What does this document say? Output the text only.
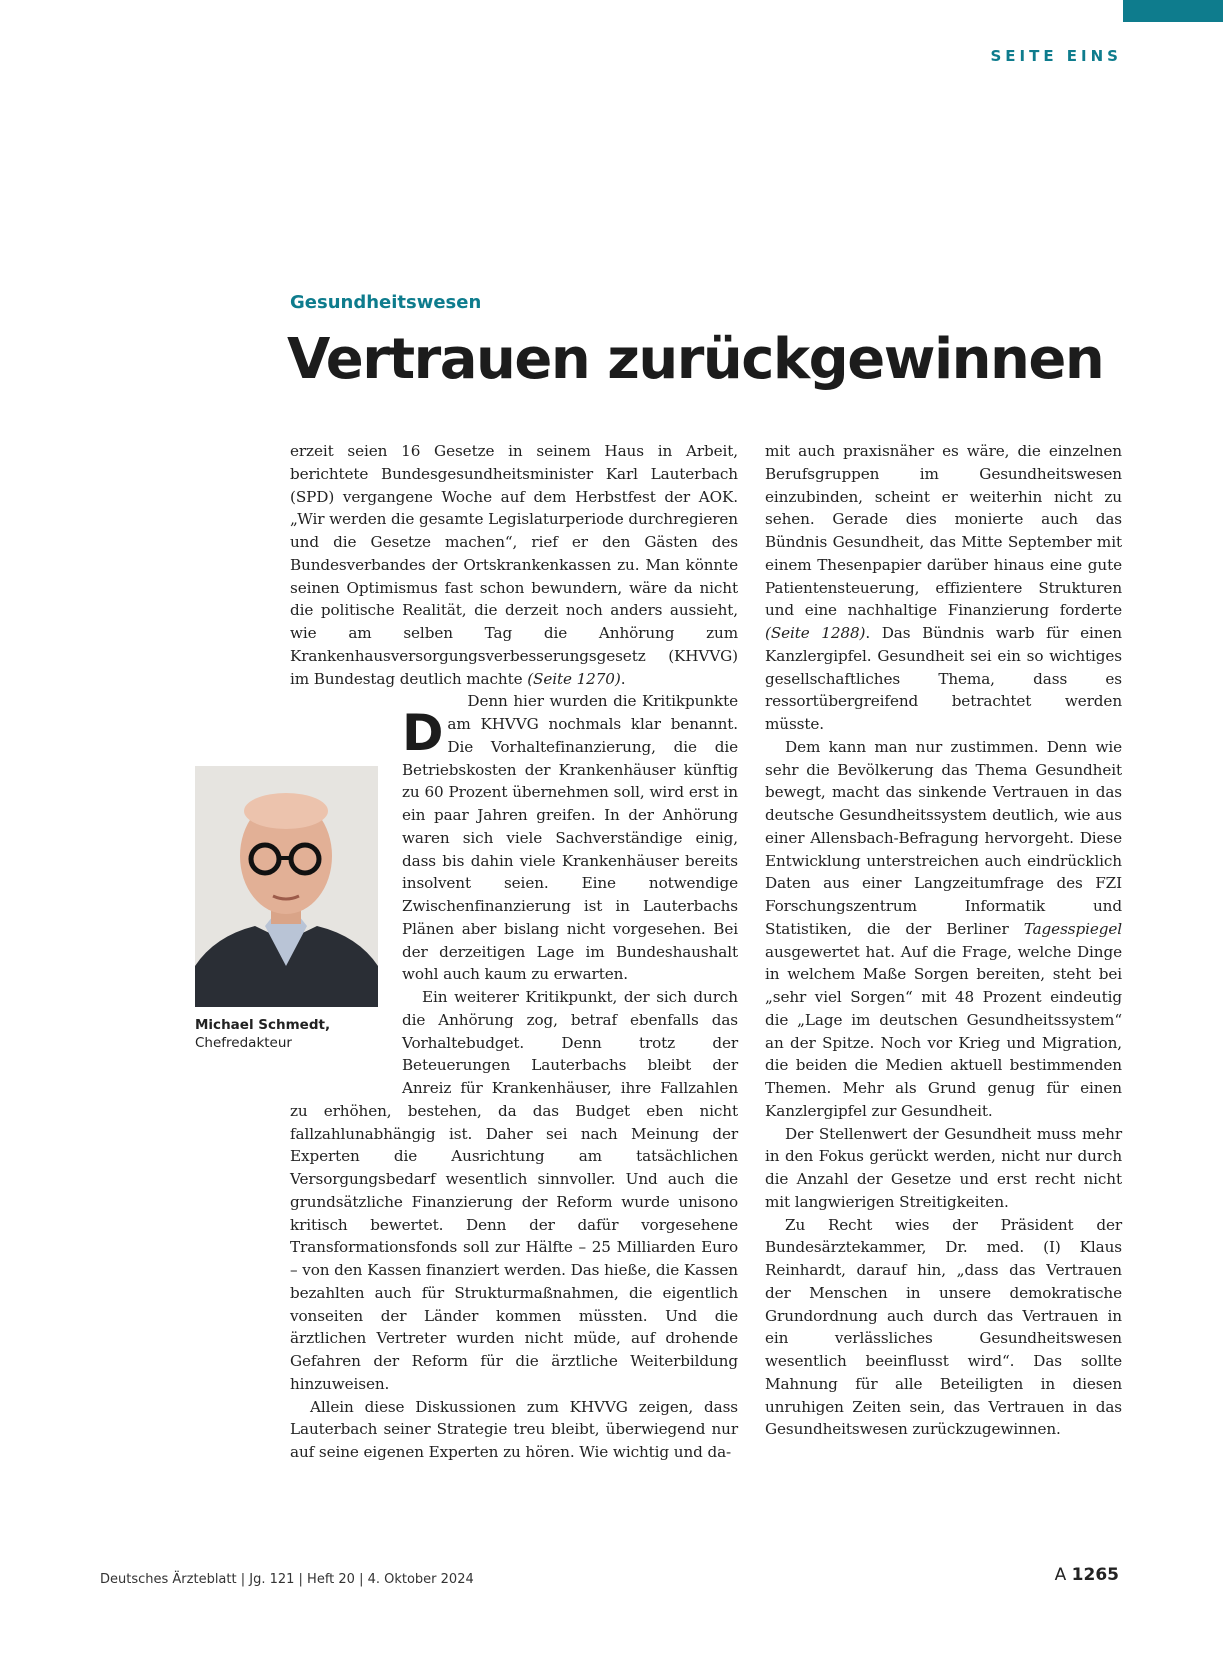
SEITE EINS
Gesundheitswesen
Vertrauen zurückgewinnen

D
erzeit seien 16 Gesetze in seinem Haus in Arbeit, berichtete Bundesgesundheitsminister Karl Lauterbach (SPD) vergangene Woche auf dem Herbstfest der AOK. „Wir werden die gesamte Legislaturperiode durchregieren und die Gesetze machen“, rief er den Gästen des Bundesverbandes der Ortskrankenkassen zu. Man könnte seinen Optimismus fast schon bewundern, wäre da nicht die politische Realität, die derzeit noch anders aussieht, wie am selben Tag die Anhörung zum Krankenhausversorgungsverbesserungsgesetz (KHVVG) im Bundestag deutlich machte (Seite 1270).

Denn hier wurden die Kritikpunkte am KHVVG nochmals klar benannt. Die Vorhaltefinanzierung, die die Betriebskosten der Krankenhäuser künftig zu 60 Prozent übernehmen soll, wird erst in ein paar Jahren greifen. In der Anhörung waren sich viele Sachverständige einig, dass bis dahin viele Krankenhäuser bereits insolvent seien. Eine notwendige Zwischenfinanzierung ist in Lauterbachs Plänen aber bislang nicht vorgesehen. Bei der derzeitigen Lage im Bundeshaushalt wohl auch kaum zu erwarten.

Ein weiterer Kritikpunkt, der sich durch die Anhörung zog, betraf ebenfalls das Vorhaltebudget. Denn trotz der Beteuerungen Lauterbachs bleibt der Anreiz für Krankenhäuser, ihre Fallzahlen zu erhöhen, bestehen, da das Budget eben nicht fallzahlunabhängig ist. Daher sei nach Meinung der Experten die Ausrichtung am tatsächlichen Versorgungsbedarf wesentlich sinnvoller. Und auch die grundsätzliche Finanzierung der Reform wurde unisono kritisch bewertet. Denn der dafür vorgesehene Transformationsfonds soll zur Hälfte – 25 Milliarden Euro – von den Kassen finanziert werden. Das hieße, die Kassen bezahlten auch für Strukturmaßnahmen, die eigentlich vonseiten der Länder kommen müssten. Und die ärztlichen Vertreter wurden nicht müde, auf drohende Gefahren der Reform für die ärztliche Weiterbildung hinzuweisen.

Allein diese Diskussionen zum KHVVG zeigen, dass Lauterbach seiner Strategie treu bleibt, überwiegend nur auf seine eigenen Experten zu hören. Wie wichtig und da-

mit auch praxisnäher es wäre, die einzelnen Berufsgruppen im Gesundheitswesen einzubinden, scheint er weiterhin nicht zu sehen. Gerade dies monierte auch das Bündnis Gesundheit, das Mitte September mit einem Thesenpapier darüber hinaus eine gute Patientensteuerung, effizientere Strukturen und eine nachhaltige Finanzierung forderte (Seite 1288). Das Bündnis warb für einen Kanzlergipfel. Gesundheit sei ein so wichtiges gesellschaftliches Thema, dass es ressortübergreifend betrachtet werden müsste.

Dem kann man nur zustimmen. Denn wie sehr die Bevölkerung das Thema Gesundheit bewegt, macht das sinkende Vertrauen in das deutsche Gesundheitssystem deutlich, wie aus einer Allensbach-Befragung hervorgeht. Diese Entwicklung unterstreichen auch eindrücklich Daten aus einer Langzeitumfrage des FZI Forschungszentrum Informatik und Statistiken, die der Berliner Tagesspiegel ausgewertet hat. Auf die Frage, welche Dinge in welchem Maße Sorgen bereiten, steht bei „sehr viel Sorgen“ mit 48 Prozent eindeutig die „Lage im deutschen Gesundheitssystem“ an der Spitze. Noch vor Krieg und Migration, die beiden die Medien aktuell bestimmenden Themen. Mehr als Grund genug für einen Kanzlergipfel zur Gesundheit.

Der Stellenwert der Gesundheit muss mehr in den Fokus gerückt werden, nicht nur durch die Anzahl der Gesetze und erst recht nicht mit langwierigen Streitigkeiten.

Zu Recht wies der Präsident der Bundesärztekammer, Dr. med. (I) Klaus Reinhardt, darauf hin, „dass das Vertrauen der Menschen in unsere demokratische Grundordnung auch durch das Vertrauen in ein verlässliches Gesundheitswesen wesentlich beeinflusst wird“. Das sollte Mahnung für alle Beteiligten in diesen unruhigen Zeiten sein, das Vertrauen in das Gesundheitswesen zurückzugewinnen.

Michael Schmedt,
Chefredakteur
Deutsches Ärzteblatt | Jg. 121 | Heft 20 | 4. Oktober 2024	A 1265
